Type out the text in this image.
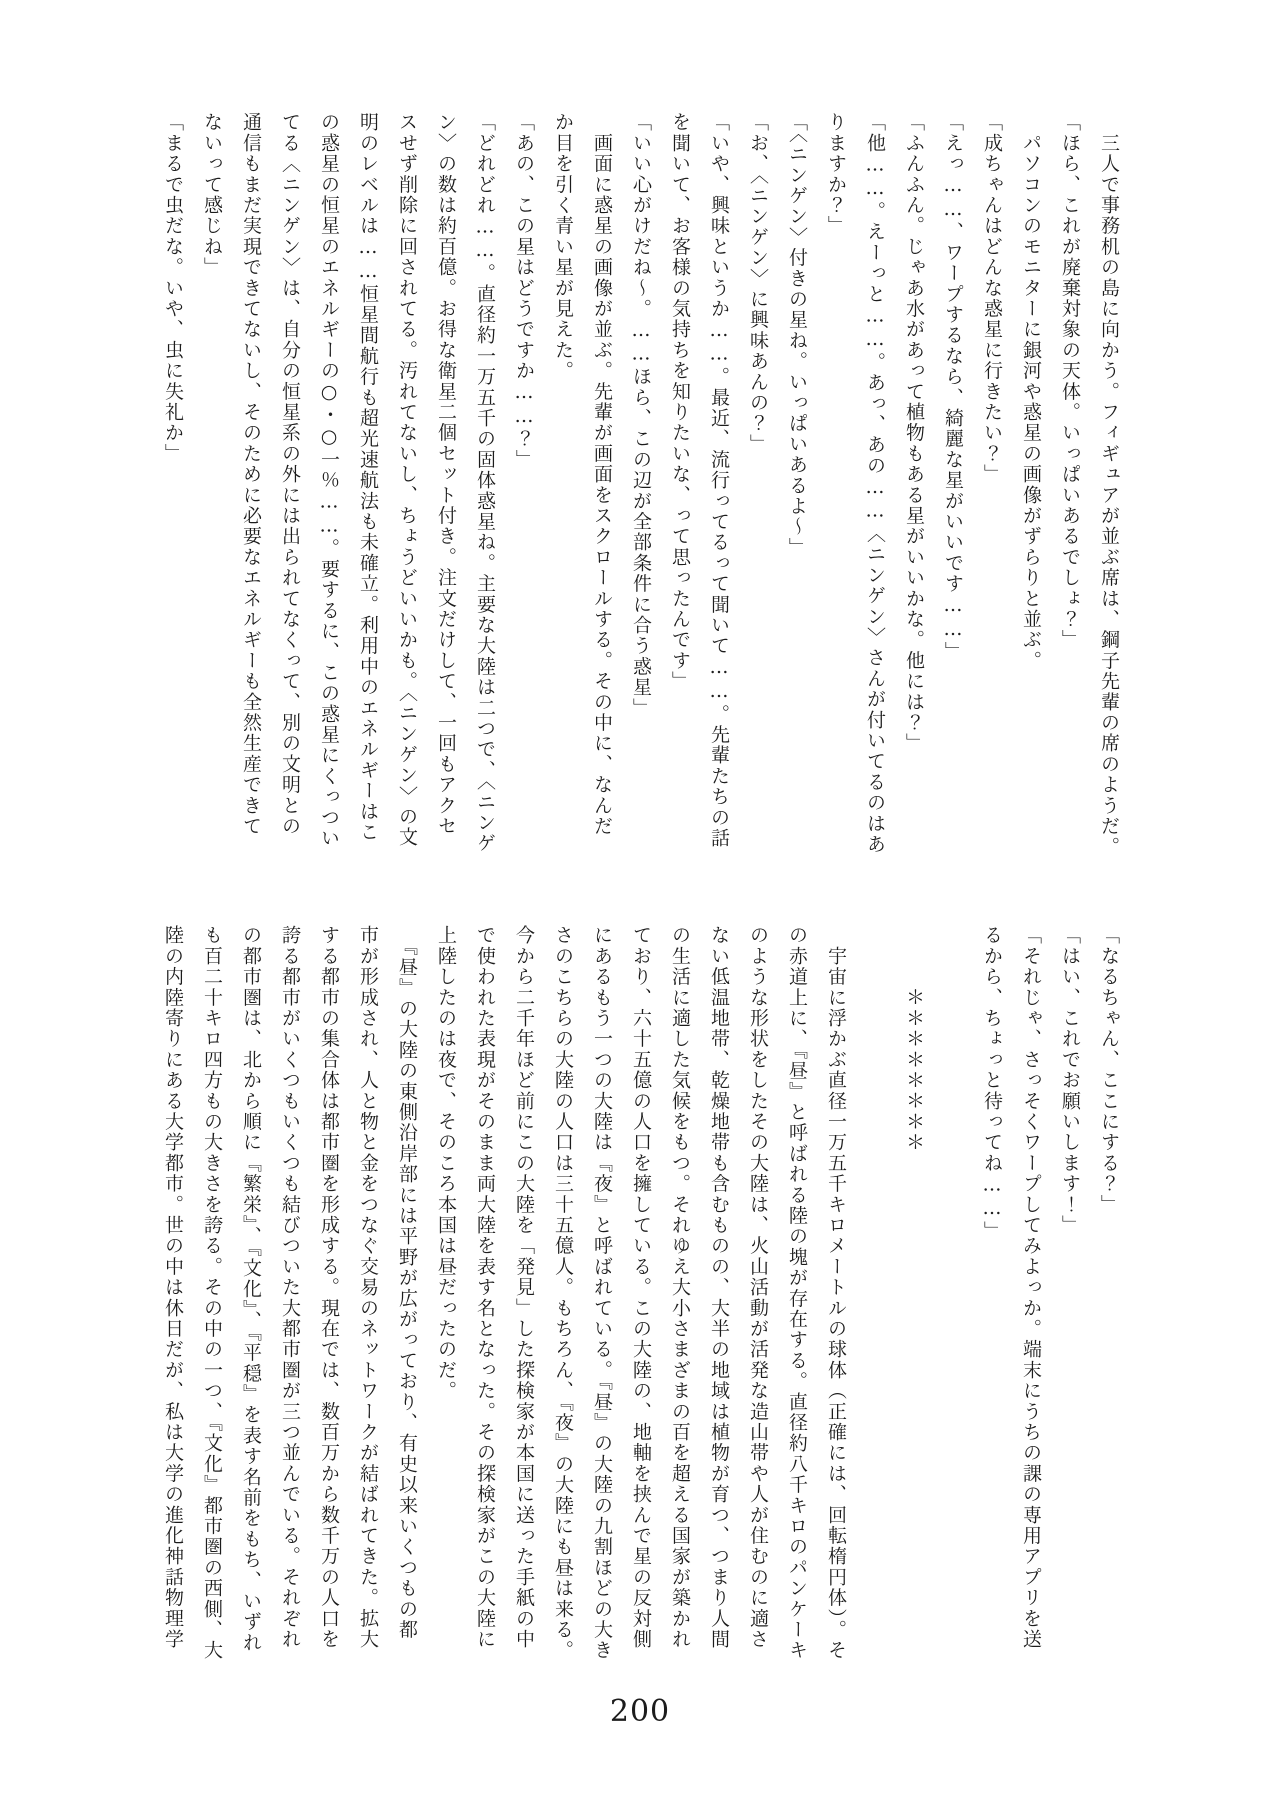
　三人で事務机の島に向かう。フィギュアが並ぶ席は、鋼子先輩の席のようだ。
「ほら、これが廃棄対象の天体。いっぱいあるでしょ？」
　パソコンのモニターに銀河や惑星の画像がずらりと並ぶ。
「成ちゃんはどんな惑星に行きたい？」
「えっ……、ワープするなら、綺麗な星がいいです……」
「ふんふん。じゃあ水があって植物もある星がいいかな。他には？」
「他……。えーっと……。あっ、あの……〈ニンゲン〉さんが付いてるのはあ
りますか？」
「〈ニンゲン〉付きの星ね。いっぱいあるよ〜」
「お、〈ニンゲン〉に興味あんの？」
「いや、興味というか……。最近、流行ってるって聞いて……。先輩たちの話
を聞いて、お客様の気持ちを知りたいな、って思ったんです」
「いい心がけだね〜。……ほら、この辺が全部条件に合う惑星」
　画面に惑星の画像が並ぶ。先輩が画面をスクロールする。その中に、なんだ
か目を引く青い星が見えた。
「あの、この星はどうですか……？」
「どれどれ……。直径約一万五千の固体惑星ね。主要な大陸は二つで、〈ニンゲ
ン〉の数は約百億。お得な衛星二個セット付き。注文だけして、一回もアクセ
スせず削除に回されてる。汚れてないし、ちょうどいいかも。〈ニンゲン〉の文
明のレベルは……恒星間航行も超光速航法も未確立。利用中のエネルギーはこ
の惑星の恒星のエネルギーの○・○一％……。要するに、この惑星にくっつい
てる〈ニンゲン〉は、自分の恒星系の外には出られてなくって、別の文明との
通信もまだ実現できてないし、そのために必要なエネルギーも全然生産できて
ないって感じね」
「まるで虫だな。いや、虫に失礼か」
「なるちゃん、ここにする？」
「はい、これでお願いします！」
「それじゃ、さっそくワープしてみよっか。端末にうちの課の専用アプリを送
るから、ちょっと待ってね……」

　　　＊＊＊＊＊＊＊＊

　宇宙に浮かぶ直径一万五千キロメートルの球体（正確には、回転楕円体）。そ
の赤道上に、『昼』と呼ばれる陸の塊が存在する。直径約八千キロのパンケーキ
のような形状をしたその大陸は、火山活動が活発な造山帯や人が住むのに適さ
ない低温地帯、乾燥地帯も含むものの、大半の地域は植物が育つ、つまり人間
の生活に適した気候をもつ。それゆえ大小さまざまの百を超える国家が築かれ
ており、六十五億の人口を擁している。この大陸の、地軸を挟んで星の反対側
にあるもう一つの大陸は『夜』と呼ばれている。『昼』の大陸の九割ほどの大き
さのこちらの大陸の人口は三十五億人。もちろん、『夜』の大陸にも昼は来る。
今から二千年ほど前にこの大陸を「発見」した探検家が本国に送った手紙の中
で使われた表現がそのまま両大陸を表す名となった。その探検家がこの大陸に
上陸したのは夜で、そのころ本国は昼だったのだ。
　『昼』の大陸の東側沿岸部には平野が広がっており、有史以来いくつもの都
市が形成され、人と物と金をつなぐ交易のネットワークが結ばれてきた。拡大
する都市の集合体は都市圏を形成する。現在では、数百万から数千万の人口を
誇る都市がいくつもいくつも結びついた大都市圏が三つ並んでいる。それぞれ
の都市圏は、北から順に『繁栄』、『文化』、『平穏』を表す名前をもち、いずれ
も百二十キロ四方もの大きさを誇る。その中の一つ、『文化』都市圏の西側、大
陸の内陸寄りにある大学都市。世の中は休日だが、私は大学の進化神話物理学
200
